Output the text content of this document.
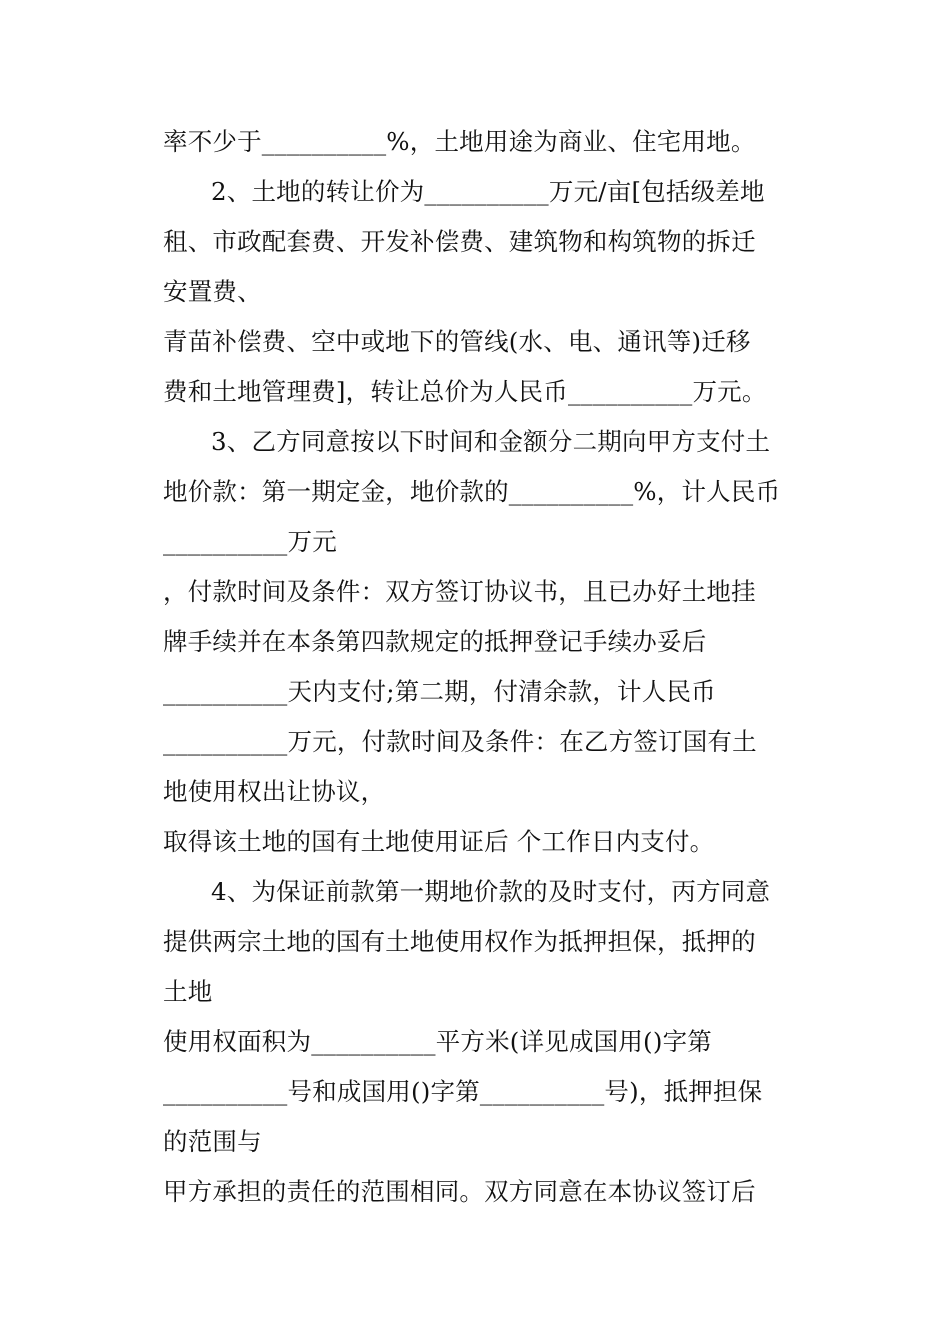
率不少于__________%，土地用途为商业、住宅用地。
2、土地的转让价为__________万元/亩[包括级差地
租、市政配套费、开发补偿费、建筑物和构筑物的拆迁
安置费、
青苗补偿费、空中或地下的管线(水、电、通讯等)迁移
费和土地管理费]，转让总价为人民币__________万元。
3、乙方同意按以下时间和金额分二期向甲方支付土
地价款：第一期定金，地价款的__________%，计人民币
__________万元
，付款时间及条件：双方签订协议书，且已办好土地挂
牌手续并在本条第四款规定的抵押登记手续办妥后
__________天内支付;第二期，付清余款，计人民币
__________万元，付款时间及条件：在乙方签订国有土
地使用权出让协议，
取得该土地的国有土地使用证后 个工作日内支付。
4、为保证前款第一期地价款的及时支付，丙方同意
提供两宗土地的国有土地使用权作为抵押担保，抵押的
土地
使用权面积为__________平方米(详见成国用()字第
__________号和成国用()字第__________号)，抵押担保
的范围与
甲方承担的责任的范围相同。双方同意在本协议签订后
